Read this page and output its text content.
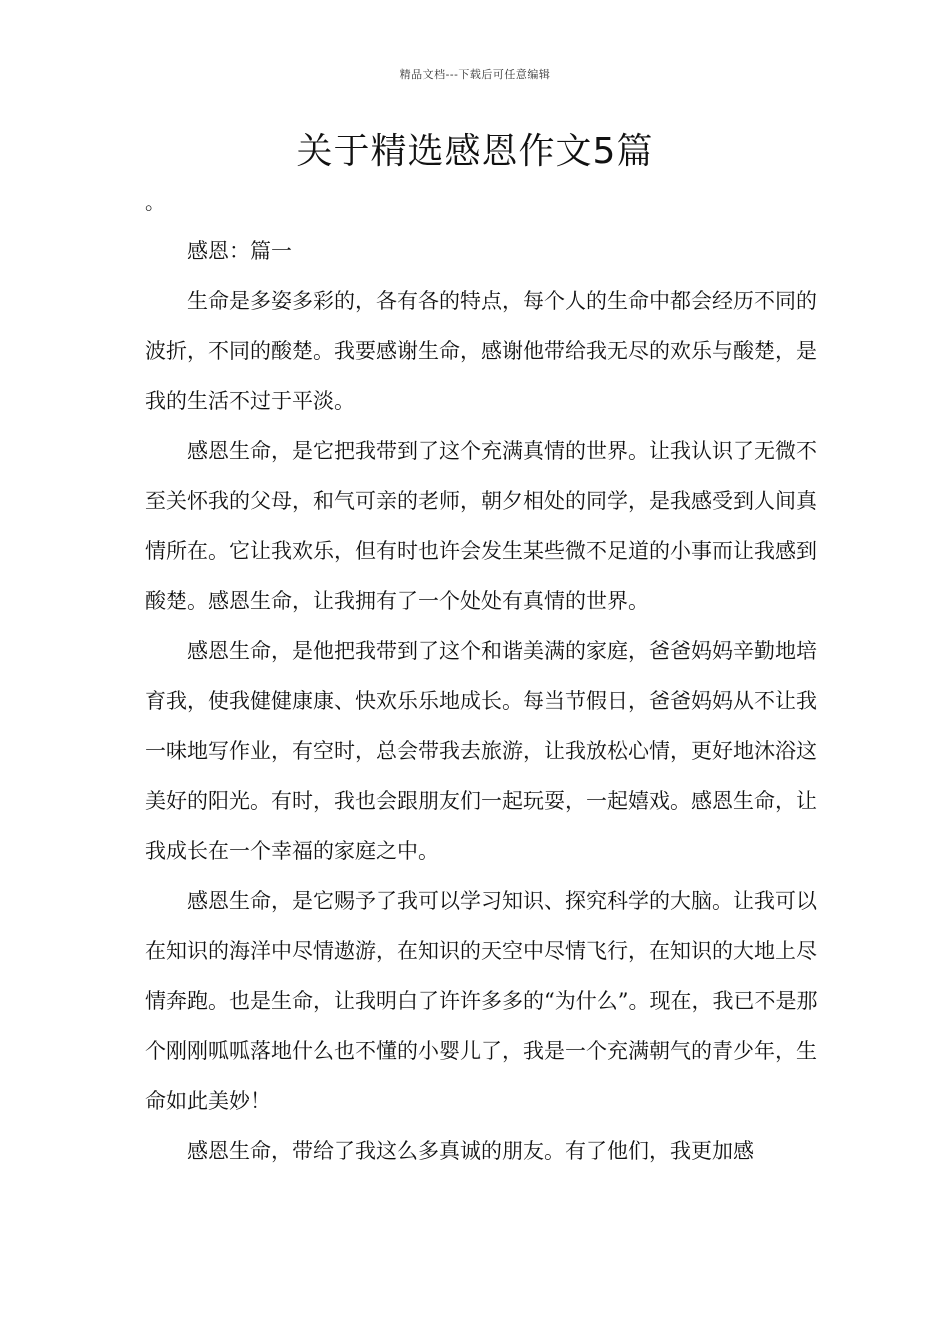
精品文档---下载后可任意编辑
关于精选感恩作文5篇
。

感恩：篇一

生命是多姿多彩的，各有各的特点，每个人的生命中都会经历不同的波折，不同的酸楚。我要感谢生命，感谢他带给我无尽的欢乐与酸楚，是我的生活不过于平淡。

感恩生命，是它把我带到了这个充满真情的世界。让我认识了无微不至关怀我的父母，和气可亲的老师，朝夕相处的同学，是我感受到人间真情所在。它让我欢乐，但有时也许会发生某些微不足道的小事而让我感到酸楚。感恩生命，让我拥有了一个处处有真情的世界。

感恩生命，是他把我带到了这个和谐美满的家庭，爸爸妈妈辛勤地培育我，使我健健康康、快欢乐乐地成长。每当节假日，爸爸妈妈从不让我一味地写作业，有空时，总会带我去旅游，让我放松心情，更好地沐浴这美好的阳光。有时，我也会跟朋友们一起玩耍，一起嬉戏。感恩生命，让我成长在一个幸福的家庭之中。

感恩生命，是它赐予了我可以学习知识、探究科学的大脑。让我可以在知识的海洋中尽情遨游，在知识的天空中尽情飞行，在知识的大地上尽情奔跑。也是生命，让我明白了许许多多的“为什么”。现在，我已不是那个刚刚呱呱落地什么也不懂的小婴儿了，我是一个充满朝气的青少年，生命如此美妙！

感恩生命，带给了我这么多真诚的朋友。有了他们，我更加感
